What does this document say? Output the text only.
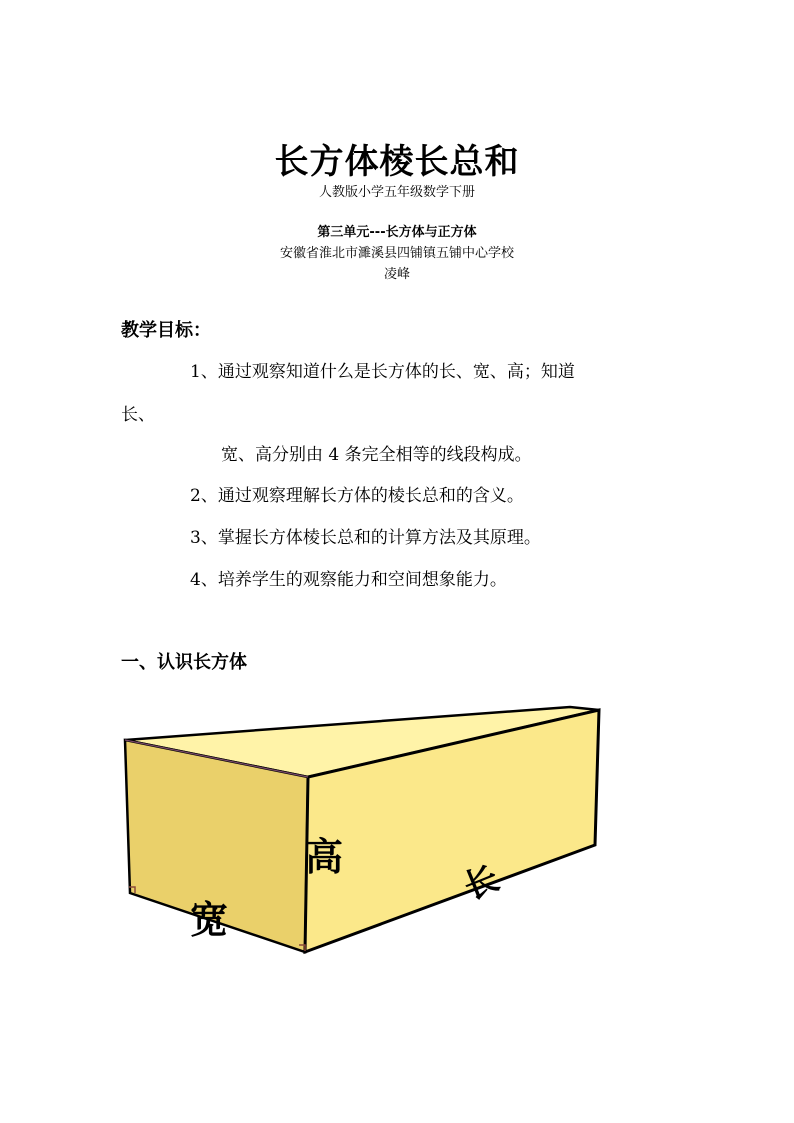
长方体棱长总和
人教版小学五年级数学下册
第三单元---长方体与正方体
安徽省淮北市濉溪县四铺镇五铺中心学校
凌峰
教学目标：
1、通过观察知道什么是长方体的长、宽、高；知道
长、
宽、高分别由 4 条完全相等的线段构成。
2、通过观察理解长方体的棱长总和的含义。
3、掌握长方体棱长总和的计算方法及其原理。
4、培养学生的观察能力和空间想象能力。
一、认识长方体
高
宽
长
